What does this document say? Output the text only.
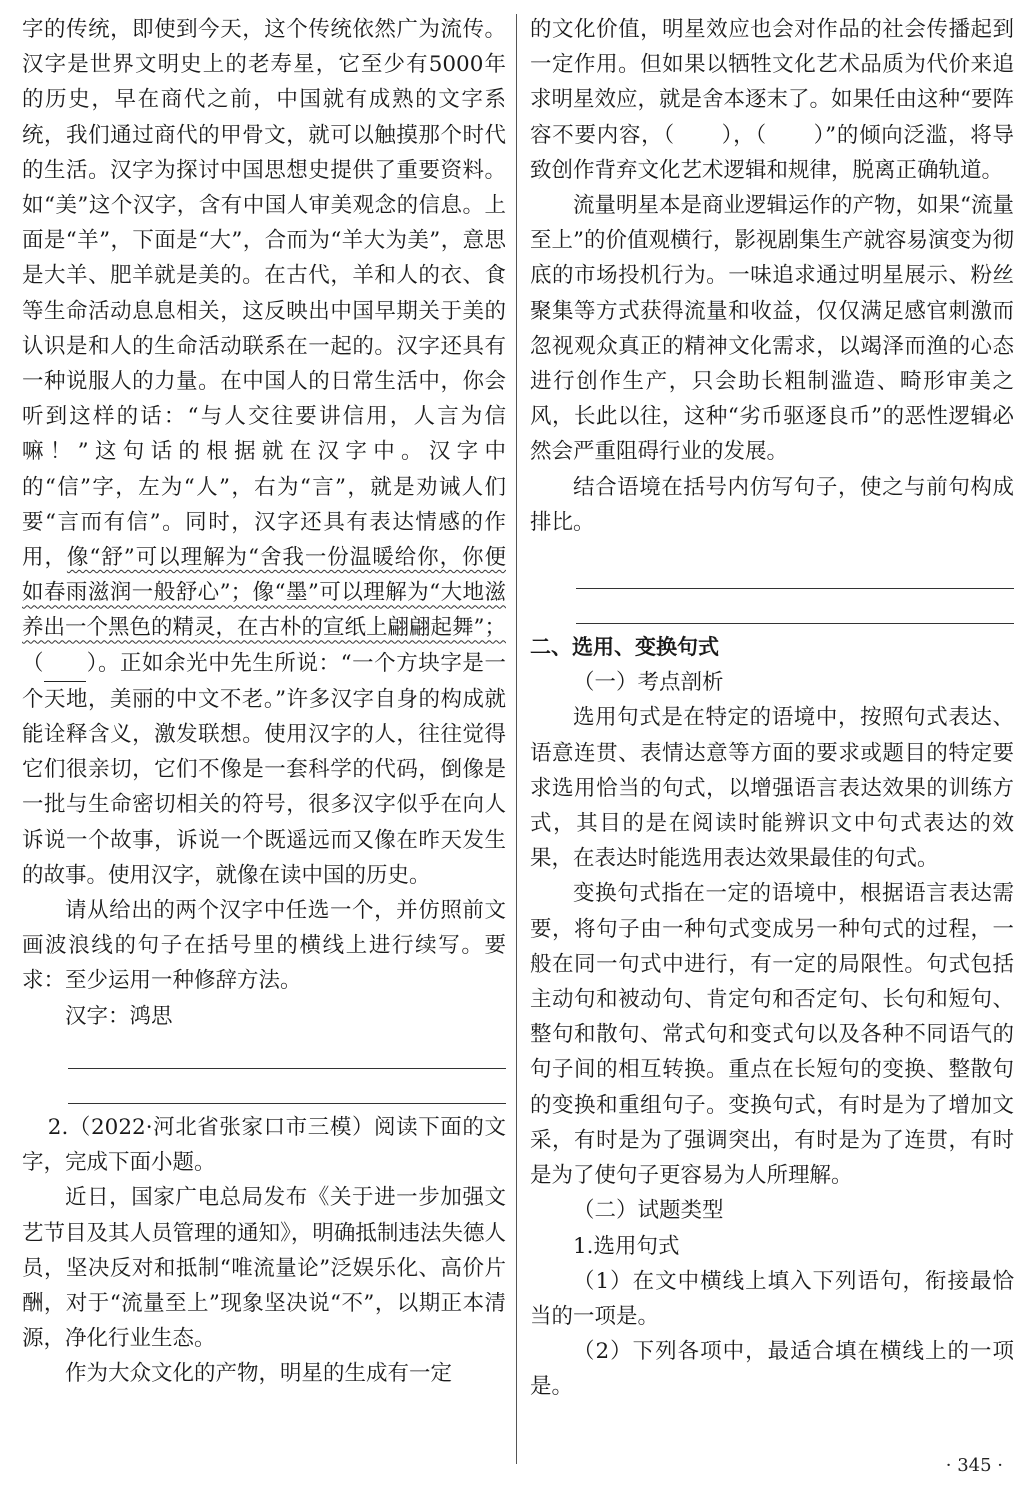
字的传统，即使到今天，这个传统依然广为流传。汉字是世界文明史上的老寿星，它至少有5000年的历史，早在商代之前，中国就有成熟的文字系统，我们通过商代的甲骨文，就可以触摸那个时代的生活。汉字为探讨中国思想史提供了重要资料。如“美”这个汉字，含有中国人审美观念的信息。上面是“羊”，下面是“大”，合而为“羊大为美”，意思是大羊、肥羊就是美的。在古代，羊和人的衣、食等生命活动息息相关，这反映出中国早期关于美的认识是和人的生命活动联系在一起的。汉字还具有一种说服人的力量。在中国人的日常生活中，你会听到这样的话：“与人交往要讲信用，人言为信嘛！”这句话的根据就在汉字中。汉字中的“信”字，左为“人”，右为“言”，就是劝诫人们要“言而有信”。同时，汉字还具有表达情感的作用，像“舒”可以理解为“舍我一份温暖给你，你便如春雨滋润一般舒心”；像“墨”可以理解为“大地滋养出一个黑色的精灵，在古朴的宣纸上翩翩起舞”；（ ）。正如余光中先生所说：“一个方块字是一个天地，美丽的中文不老。”许多汉字自身的构成就能诠释含义，激发联想。使用汉字的人，往往觉得它们很亲切，它们不像是一套科学的代码，倒像是一批与生命密切相关的符号，很多汉字似乎在向人诉说一个故事，诉说一个既遥远而又像在昨天发生的故事。使用汉字，就像在读中国的历史。

请从给出的两个汉字中任选一个，并仿照前文画波浪线的句子在括号里的横线上进行续写。要求：至少运用一种修辞方法。

汉字：鸿思

2.（2022·河北省张家口市三模）阅读下面的文字，完成下面小题。

近日，国家广电总局发布《关于进一步加强文艺节目及其人员管理的通知》，明确抵制违法失德人员，坚决反对和抵制“唯流量论”泛娱乐化、高价片酬，对于“流量至上”现象坚决说“不”，以期正本清源，净化行业生态。

作为大众文化的产物，明星的生成有一定

的文化价值，明星效应也会对作品的社会传播起到一定作用。但如果以牺牲文化艺术品质为代价来追求明星效应，就是舍本逐末了。如果任由这种“要阵容不要内容，（ ），（ ）”的倾向泛滥，将导致创作背弃文化艺术逻辑和规律，脱离正确轨道。

流量明星本是商业逻辑运作的产物，如果“流量至上”的价值观横行，影视剧集生产就容易演变为彻底的市场投机行为。一味追求通过明星展示、粉丝聚集等方式获得流量和收益，仅仅满足感官刺激而忽视观众真正的精神文化需求，以竭泽而渔的心态进行创作生产，只会助长粗制滥造、畸形审美之风，长此以往，这种“劣币驱逐良币”的恶性逻辑必然会严重阻碍行业的发展。

结合语境在括号内仿写句子，使之与前句构成排比。

二、选用、变换句式

（一）考点剖析

选用句式是在特定的语境中，按照句式表达、语意连贯、表情达意等方面的要求或题目的特定要求选用恰当的句式，以增强语言表达效果的训练方式，其目的是在阅读时能辨识文中句式表达的效果，在表达时能选用表达效果最佳的句式。

变换句式指在一定的语境中，根据语言表达需要，将句子由一种句式变成另一种句式的过程，一般在同一句式中进行，有一定的局限性。句式包括主动句和被动句、肯定句和否定句、长句和短句、整句和散句、常式句和变式句以及各种不同语气的句子间的相互转换。重点在长短句的变换、整散句的变换和重组句子。变换句式，有时是为了增加文采，有时是为了强调突出，有时是为了连贯，有时是为了使句子更容易为人所理解。

（二）试题类型

1.选用句式

（1）在文中横线上填入下列语句，衔接最恰当的一项是。

（2）下列各项中，最适合填在横线上的一项是。

· 345 ·
